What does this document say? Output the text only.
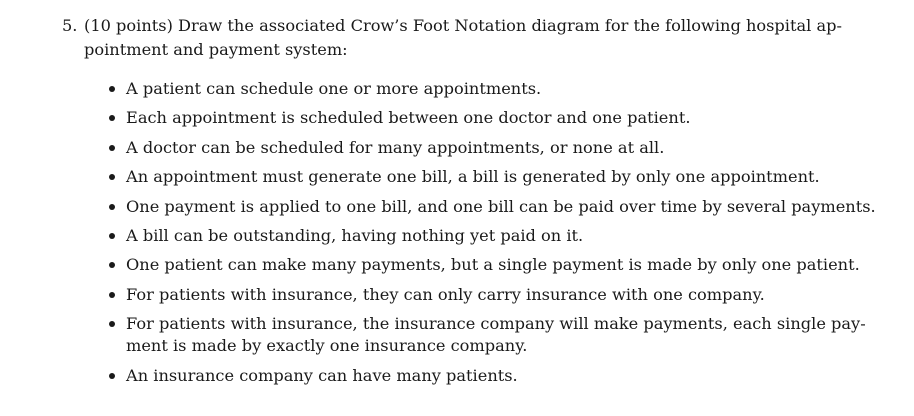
5. (10 points) Draw the associated Crow’s Foot Notation diagram for the following hospital ap-
pointment and payment system:
A patient can schedule one or more appointments.
Each appointment is scheduled between one doctor and one patient.
A doctor can be scheduled for many appointments, or none at all.
An appointment must generate one bill, a bill is generated by only one appointment.
One payment is applied to one bill, and one bill can be paid over time by several payments.
A bill can be outstanding, having nothing yet paid on it.
One patient can make many payments, but a single payment is made by only one patient.
For patients with insurance, they can only carry insurance with one company.
For patients with insurance, the insurance company will make payments, each single pay-
ment is made by exactly one insurance company.
An insurance company can have many patients.
